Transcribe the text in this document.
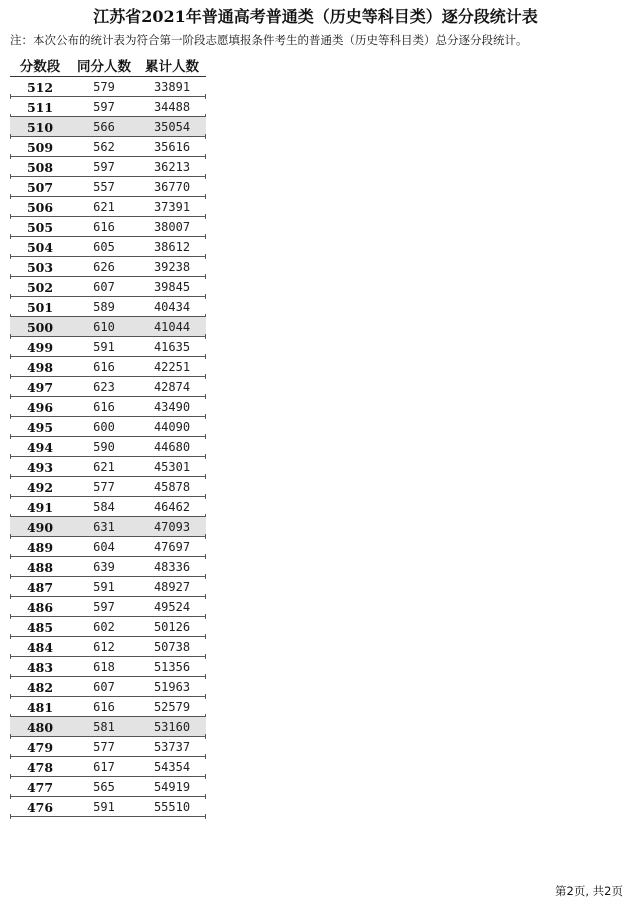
江苏省2021年普通高考普通类（历史等科目类）逐分段统计表
注：本次公布的统计表为符合第一阶段志愿填报条件考生的普通类（历史等科目类）总分逐分段统计。
分数段	同分人数	累计人数
512	579	33891
511	597	34488
510	566	35054
509	562	35616
508	597	36213
507	557	36770
506	621	37391
505	616	38007
504	605	38612
503	626	39238
502	607	39845
501	589	40434
500	610	41044
499	591	41635
498	616	42251
497	623	42874
496	616	43490
495	600	44090
494	590	44680
493	621	45301
492	577	45878
491	584	46462
490	631	47093
489	604	47697
488	639	48336
487	591	48927
486	597	49524
485	602	50126
484	612	50738
483	618	51356
482	607	51963
481	616	52579
480	581	53160
479	577	53737
478	617	54354
477	565	54919
476	591	55510
第2页, 共2页
